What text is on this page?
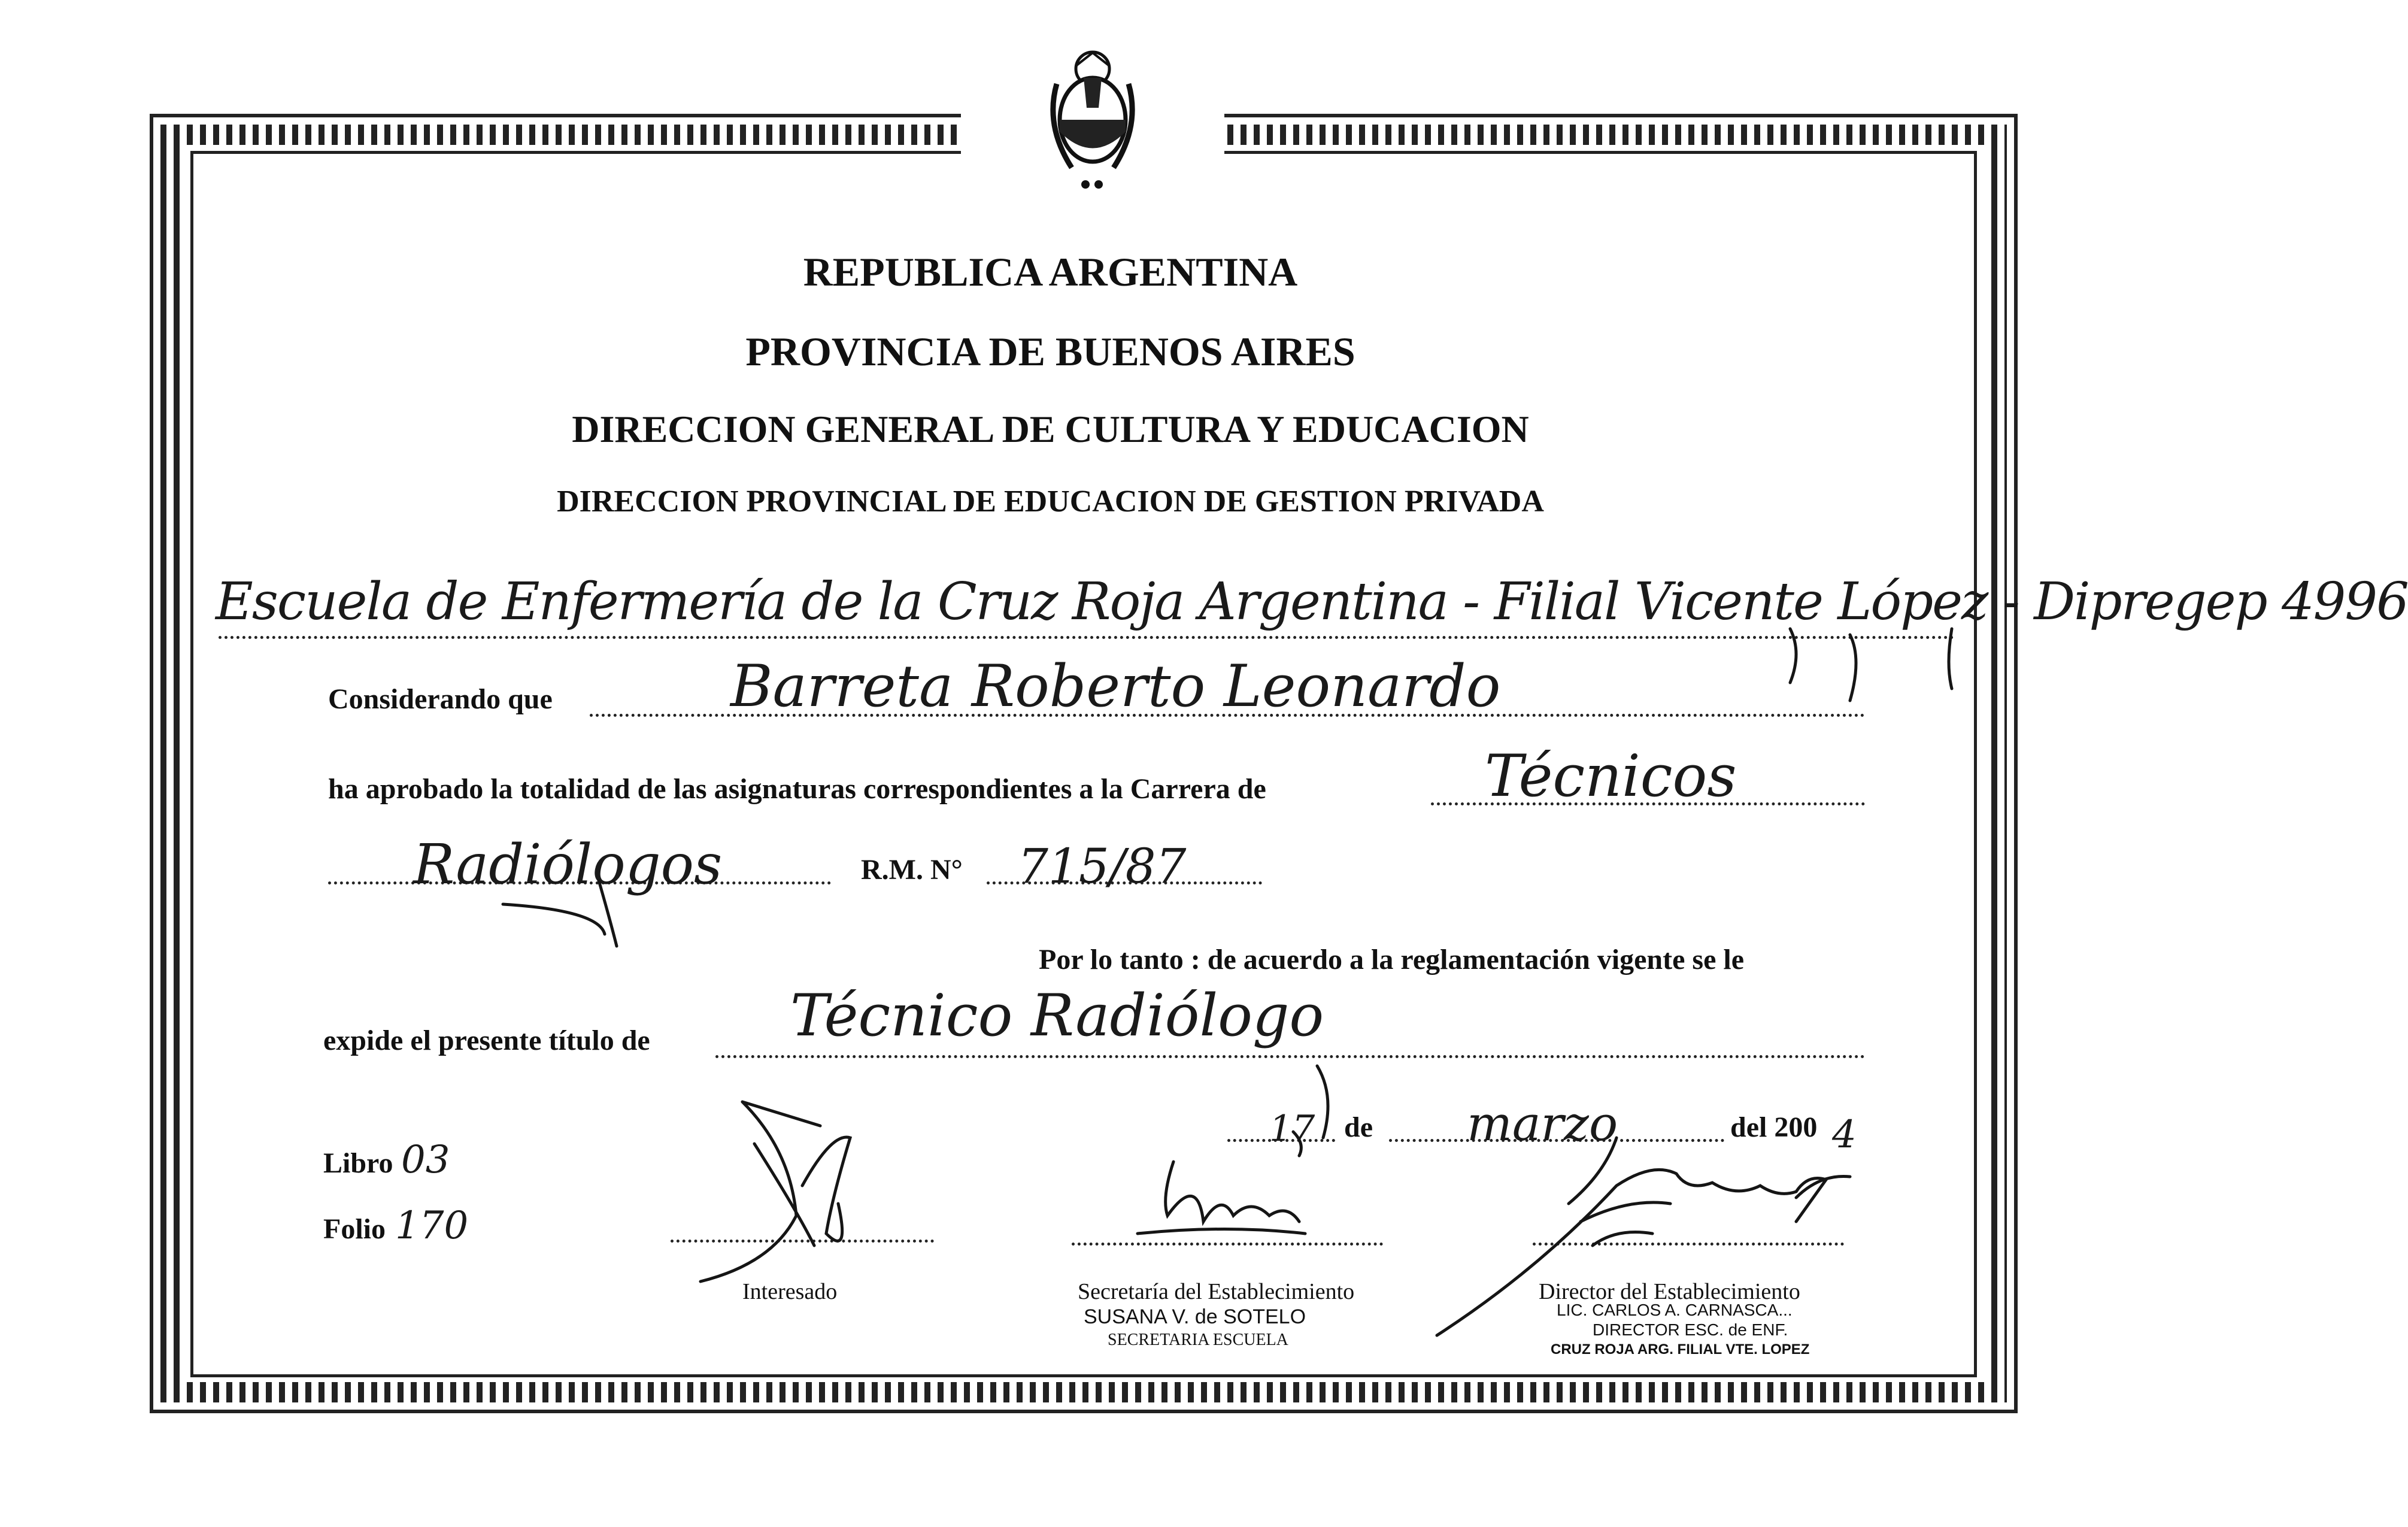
REPUBLICA ARGENTINA
PROVINCIA DE BUENOS AIRES
DIRECCION GENERAL DE CULTURA Y EDUCACION
DIRECCION PROVINCIAL DE EDUCACION DE GESTION PRIVADA
Escuela de Enfermería de la Cruz Roja Argentina - Filial Vicente López - Dipregep 4996
Considerando que	Barreta Roberto Leonardo
ha aprobado la totalidad de las asignaturas correspondientes a la Carrera de	Técnicos
Radiólogos	R.M. N° 715/87
Por lo tanto : de acuerdo a la reglamentación vigente se le
expide el presente título de Técnico Radiólogo
17 de marzo	del 200 4
Libro 03
Folio 170
Interesado	Secretaría del Establecimiento
SUSANA V. de SOTELO
SECRETARIA ESCUELA
Director del Establecimiento
LIC. CARLOS A. CARNASCA...
DIRECTOR ESC. de ENF.
CRUZ ROJA ARG. FILIAL VTE. LOPEZ
